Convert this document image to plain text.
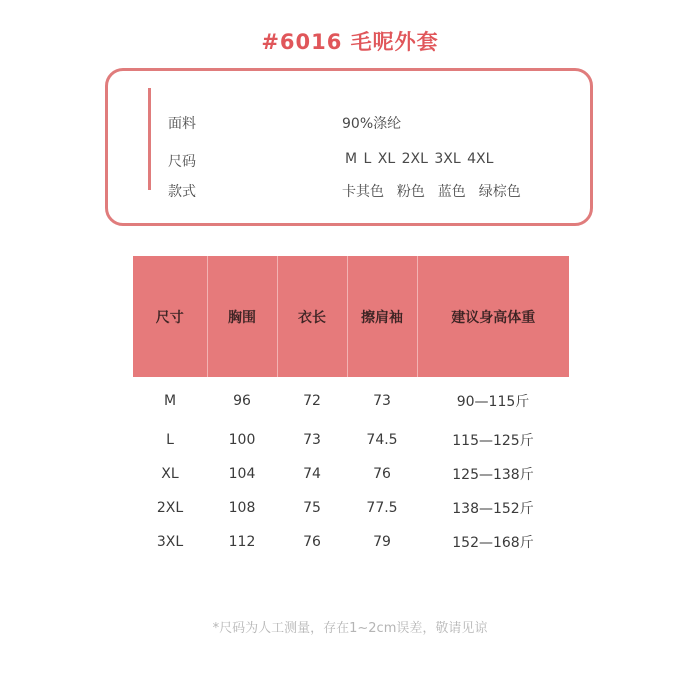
#6016 毛呢外套
面料	90%涤纶
尺码	M L XL 2XL 3XL 4XL
款式	卡其色  粉色  蓝色  绿棕色
尺寸	胸围	衣长	擦肩袖	建议身高体重
M	96	72	73	90—115斤
L	100	73	74.5	115—125斤
XL	104	74	76	125—138斤
2XL	108	75	77.5	138—152斤
3XL	112	76	79	152—168斤
*尺码为人工测量，存在1~2cm误差，敬请见谅
